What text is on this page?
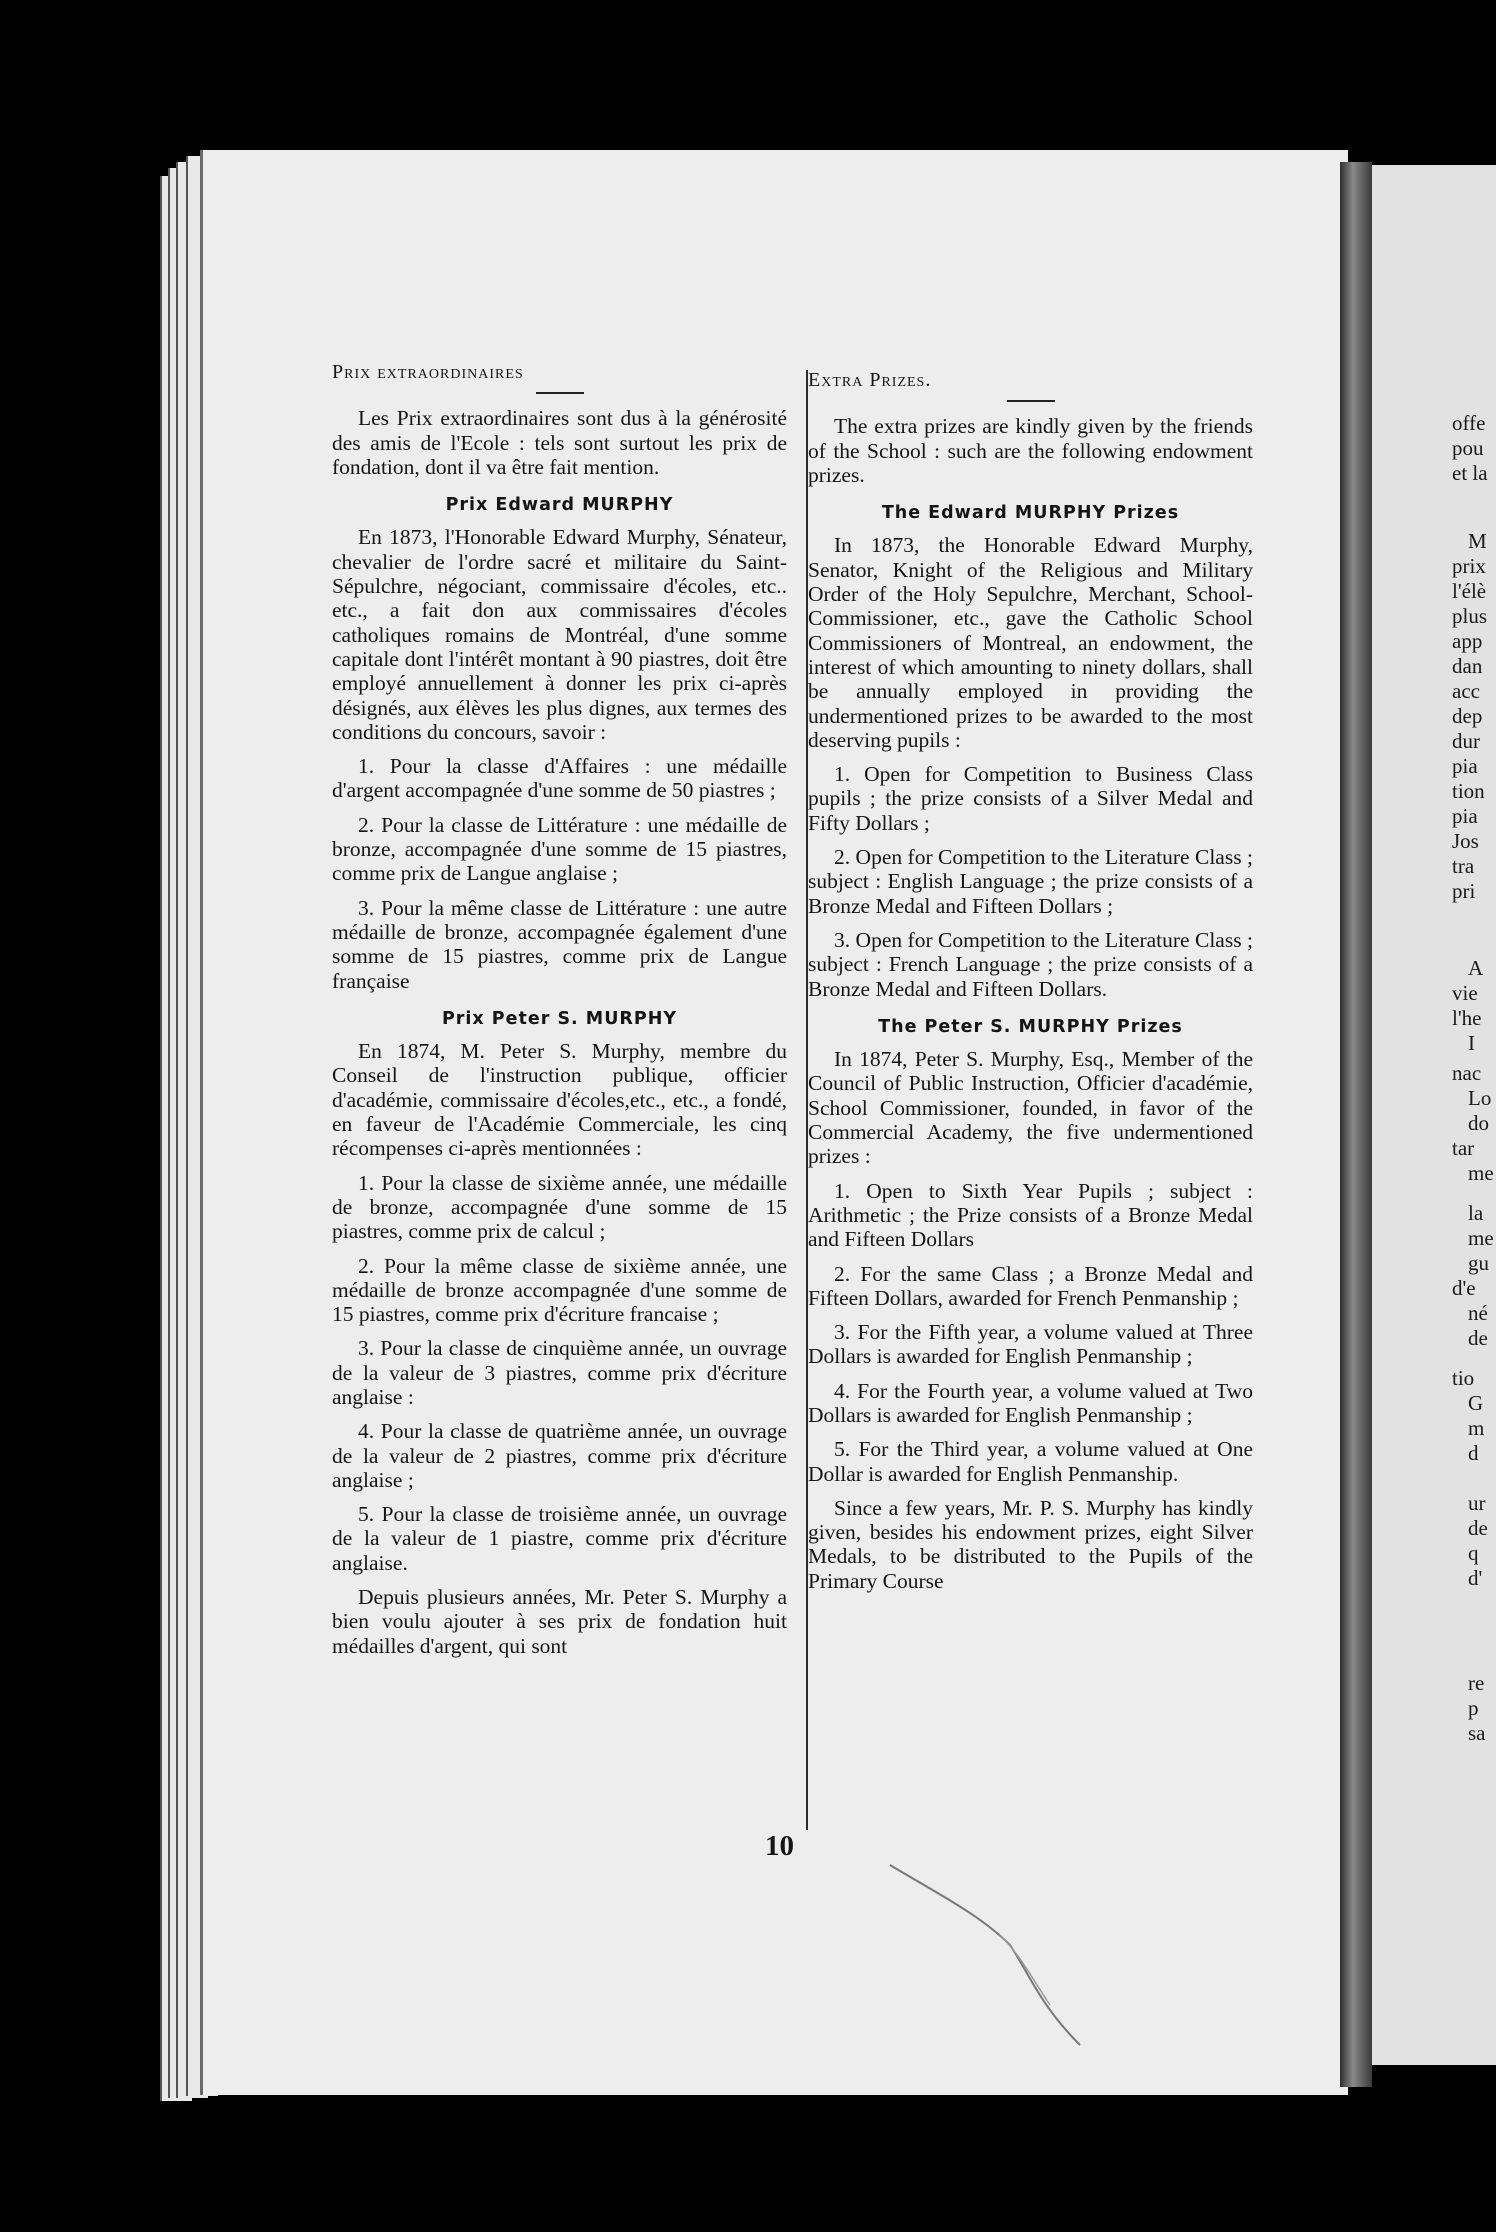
offe
pou
et la
M
prix
l'élè
plus
app
dan
acc
dep
dur
pia
tion
pia
Jos
tra
pri
A
vie
l'he
I
nac
Lo
do
tar
me
la
me
gu
d'e
né
de
tio
G
m
d
ur
de
q
d'
re
p
sa

Prix extraordinaires

Les Prix extraordinaires sont dus à la générosité des amis de l'Ecole : tels sont surtout les prix de fondation, dont il va être fait mention.

Prix Edward MURPHY

En 1873, l'Honorable Edward Murphy, Sénateur, chevalier de l'ordre sacré et militaire du Saint-Sépulchre, négociant, commissaire d'écoles, etc.. etc., a fait don aux commissaires d'écoles catholiques romains de Montréal, d'une somme capitale dont l'intérêt montant à 90 piastres, doit être employé annuellement à donner les prix ci-après désignés, aux élèves les plus dignes, aux termes des conditions du concours, savoir :

1. Pour la classe d'Affaires : une médaille d'argent accompagnée d'une somme de 50 piastres ;

2. Pour la classe de Littérature : une médaille de bronze, accompagnée d'une somme de 15 piastres, comme prix de Langue anglaise ;

3. Pour la même classe de Littérature : une autre médaille de bronze, accompagnée également d'une somme de 15 piastres, comme prix de Langue française

Prix Peter S. MURPHY

En 1874, M. Peter S. Murphy, membre du Conseil de l'instruction publique, officier d'académie, commissaire d'écoles,etc., etc., a fondé, en faveur de l'Académie Commerciale, les cinq récompenses ci-après mentionnées :

1. Pour la classe de sixième année, une médaille de bronze, accompagnée d'une somme de 15 piastres, comme prix de calcul ;

2. Pour la même classe de sixième année, une médaille de bronze accompagnée d'une somme de 15 piastres, comme prix d'écriture francaise ;

3. Pour la classe de cinquième année, un ouvrage de la valeur de 3 piastres, comme prix d'écriture anglaise :

4. Pour la classe de quatrième année, un ouvrage de la valeur de 2 piastres, comme prix d'écriture anglaise ;

5. Pour la classe de troisième année, un ouvrage de la valeur de 1 piastre, comme prix d'écriture anglaise.

Depuis plusieurs années, Mr. Peter S. Murphy a bien voulu ajouter à ses prix de fondation huit médailles d'argent, qui sont

Extra Prizes.

The extra prizes are kindly given by the friends of the School : such are the following endowment prizes.

The Edward MURPHY Prizes

In 1873, the Honorable Edward Murphy, Senator, Knight of the Religious and Military Order of the Holy Sepulchre, Merchant, School-Commissioner, etc., gave the Catholic School Commissioners of Montreal, an endowment, the interest of which amounting to ninety dollars, shall be annually employed in providing the undermentioned prizes to be awarded to the most deserving pupils :

1. Open for Competition to Business Class pupils ; the prize consists of a Silver Medal and Fifty Dollars ;

2. Open for Competition to the Literature Class ; subject : English Language ; the prize consists of a Bronze Medal and Fifteen Dollars ;

3. Open for Competition to the Literature Class ; subject : French Language ; the prize consists of a Bronze Medal and Fifteen Dollars.

The Peter S. MURPHY Prizes

In 1874, Peter S. Murphy, Esq., Member of the Council of Public Instruction, Officier d'académie, School Commissioner, founded, in favor of the Commercial Academy, the five undermentioned prizes :

1. Open to Sixth Year Pupils ; subject : Arithmetic ; the Prize consists of a Bronze Medal and Fifteen Dollars

2. For the same Class ; a Bronze Medal and Fifteen Dollars, awarded for French Penmanship ;

3. For the Fifth year, a volume valued at Three Dollars is awarded for English Penmanship ;

4. For the Fourth year, a volume valued at Two Dollars is awarded for English Penmanship ;

5. For the Third year, a volume valued at One Dollar is awarded for English Penmanship.

Since a few years, Mr. P. S. Murphy has kindly given, besides his endowment prizes, eight Silver Medals, to be distributed to the Pupils of the Primary Course

10
